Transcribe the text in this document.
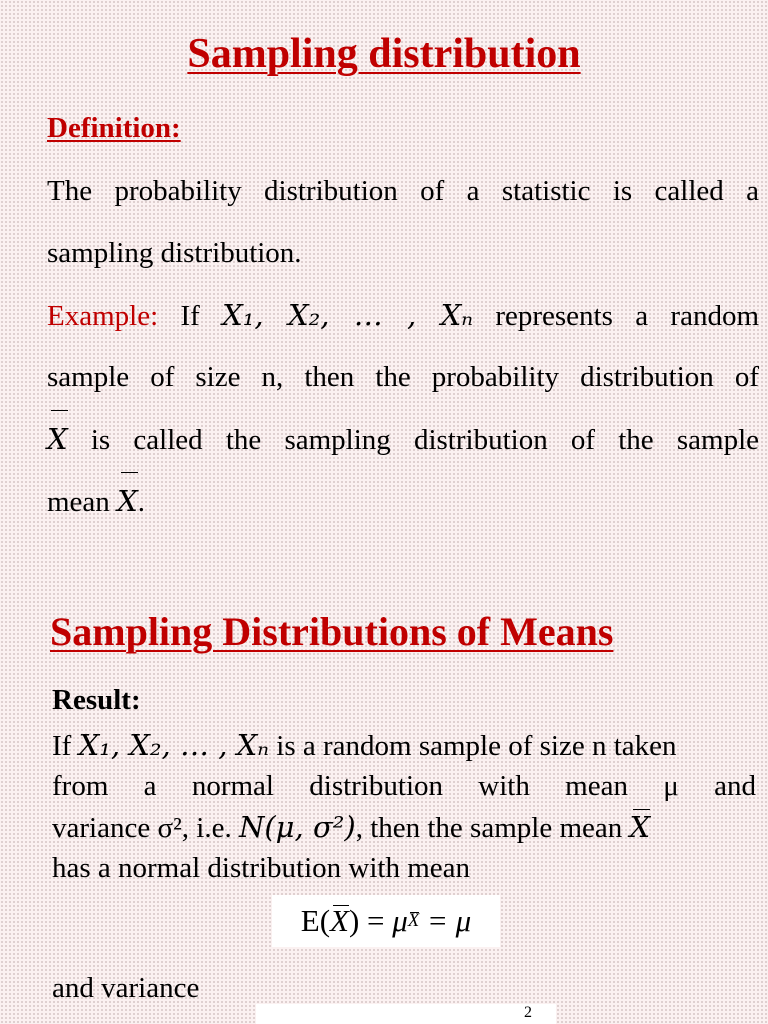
Sampling distribution
Definition:
The probability distribution of a statistic is called a
sampling distribution.
Example: If X₁, X₂, … , Xₙ represents a random
sample of size n, then the probability distribution of
X is called the sampling distribution of the sample
mean X.
Sampling Distributions of Means
Result:
If X₁, X₂, … , Xₙ is a random sample of size n taken
from a normal distribution with mean μ and
variance σ², i.e. N(μ, σ²), then the sample mean X
has a normal distribution with mean
E( X ) = μ X = μ
and variance
2
